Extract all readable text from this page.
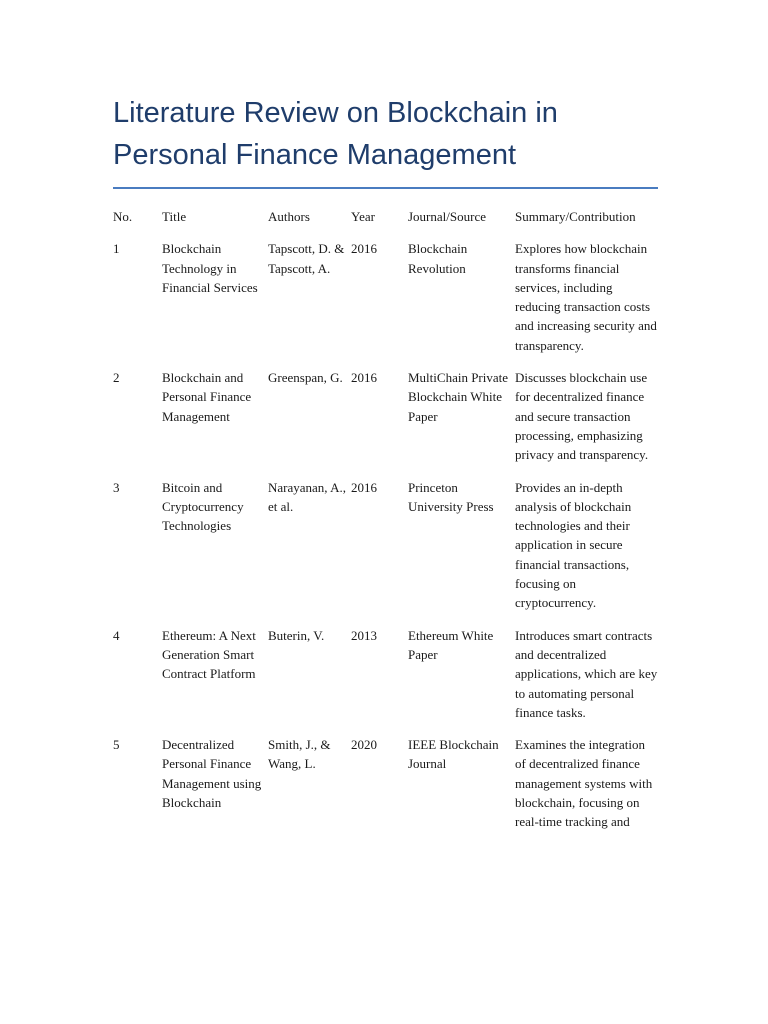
Literature Review on Blockchain in
Personal Finance Management
No.	Title	Authors	Year	Journal/Source	Summary/Contribution
1	Blockchain Technology in Financial Services	Tapscott, D. & Tapscott, A.	2016	Blockchain Revolution	Explores how blockchain transforms financial services, including reducing transaction costs and increasing security and transparency.
2	Blockchain and Personal Finance Management	Greenspan, G.	2016	MultiChain Private Blockchain White Paper	Discusses blockchain use for decentralized finance and secure transaction processing, emphasizing privacy and transparency.
3	Bitcoin and Cryptocurrency Technologies	Narayanan, A., et al.	2016	Princeton University Press	Provides an in-depth analysis of blockchain technologies and their application in secure financial transactions, focusing on cryptocurrency.
4	Ethereum: A Next Generation Smart Contract Platform	Buterin, V.	2013	Ethereum White Paper	Introduces smart contracts and decentralized applications, which are key to automating personal finance tasks.
5	Decentralized Personal Finance Management using Blockchain	Smith, J., & Wang, L.	2020	IEEE Blockchain Journal	Examines the integration of decentralized finance management systems with blockchain, focusing on real-time tracking and
